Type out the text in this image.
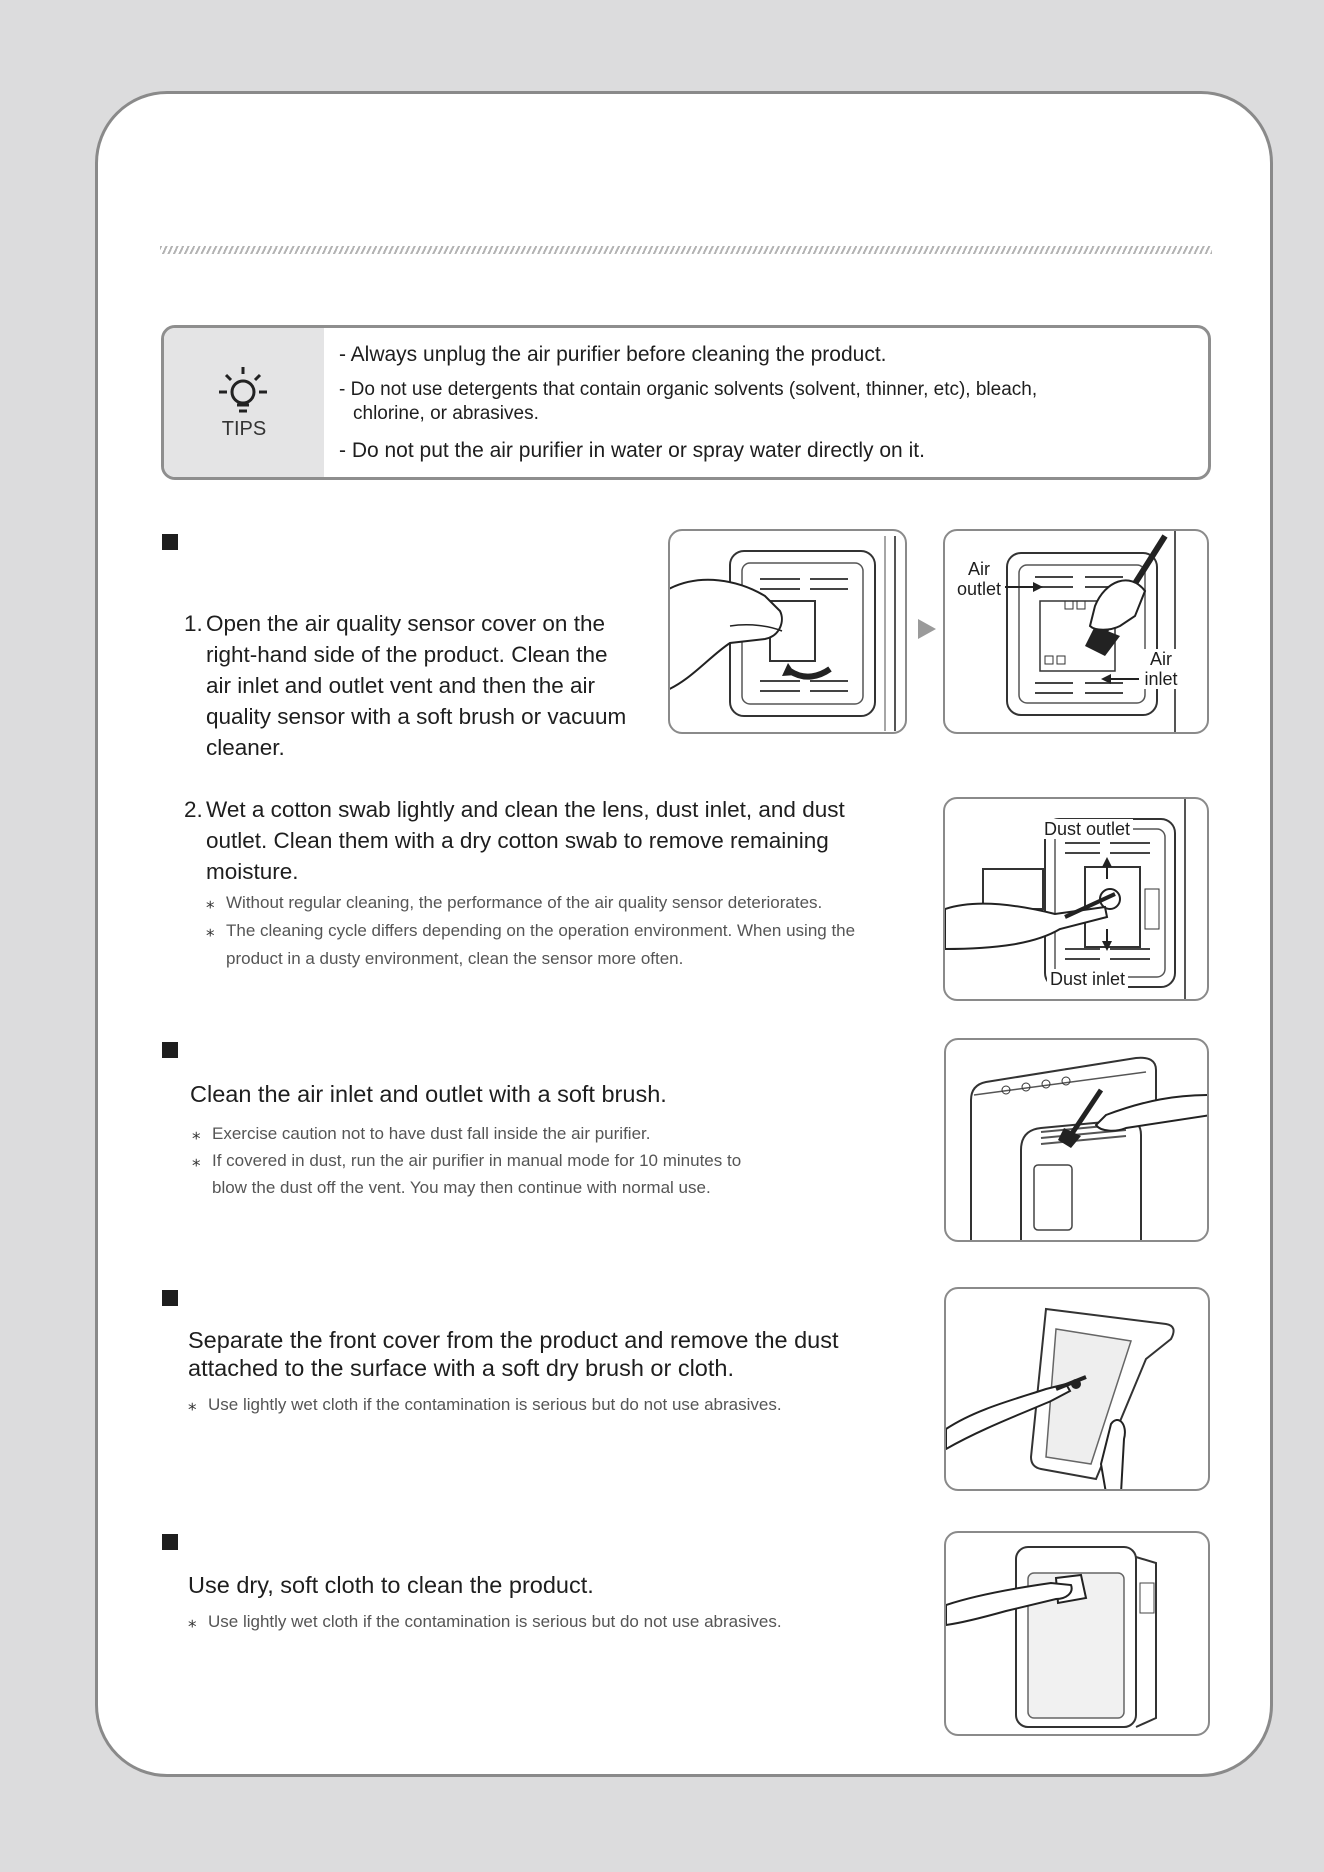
TIPS
- Always unplug the air purifier before cleaning the product.
- Do not use detergents that contain organic solvents (solvent, thinner, etc), bleach,
chlorine, or abrasives.
- Do not put the air purifier in water or spray water directly on it.
1. Open the air quality sensor cover on the
right-hand side of the product. Clean the
air inlet and outlet vent and then the air
quality sensor with a soft brush or vacuum
cleaner.
Air
outlet
Air
inlet
2. Wet a cotton swab lightly and clean the lens, dust inlet, and dust
outlet. Clean them with a dry cotton swab to remove remaining
moisture.
⁎ Without regular cleaning, the performance of the air quality sensor deteriorates.
⁎ The cleaning cycle differs depending on the operation environment. When using the
product in a dusty environment, clean the sensor more often.
Dust outlet
Dust inlet
Clean the air inlet and outlet with a soft brush.
⁎ Exercise caution not to have dust fall inside the air purifier.
⁎ If covered in dust, run the air purifier in manual mode for 10 minutes to
blow the dust off the vent. You may then continue with normal use.
Separate the front cover from the product and remove the dust
attached to the surface with a soft dry brush or cloth.
⁎ Use lightly wet cloth if the contamination is serious but do not use abrasives.
Use dry, soft cloth to clean the product.
⁎ Use lightly wet cloth if the contamination is serious but do not use abrasives.
